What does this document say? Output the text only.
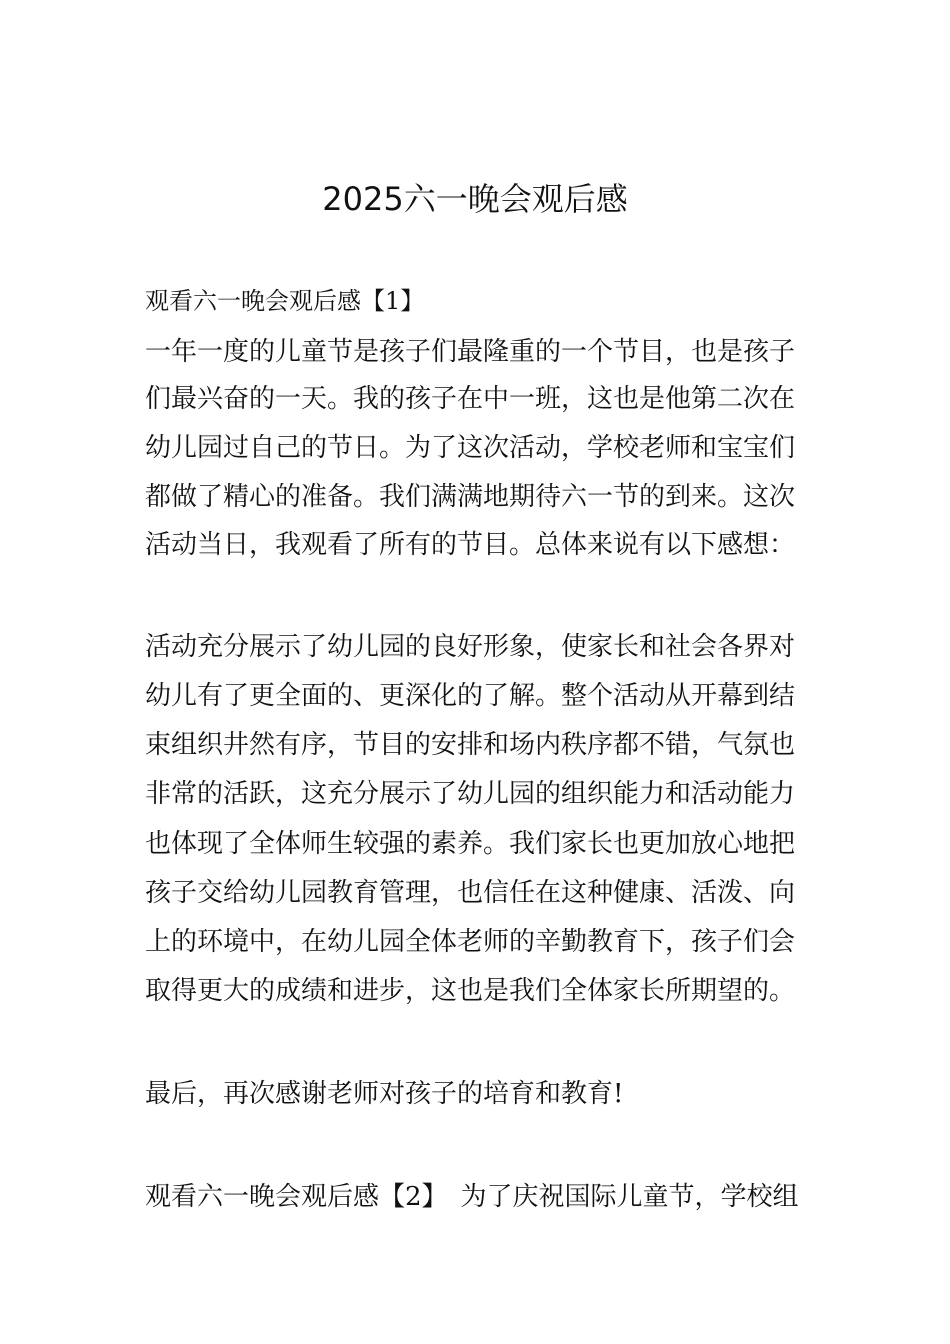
2025六一晚会观后感
观看六一晚会观后感【1】
一年一度的儿童节是孩子们最隆重的一个节目，也是孩子
们最兴奋的一天。我的孩子在中一班，这也是他第二次在
幼儿园过自己的节日。为了这次活动，学校老师和宝宝们
都做了精心的准备。我们满满地期待六一节的到来。这次
活动当日，我观看了所有的节目。总体来说有以下感想：
活动充分展示了幼儿园的良好形象，使家长和社会各界对
幼儿有了更全面的、更深化的了解。整个活动从开幕到结
束组织井然有序，节目的安排和场内秩序都不错，气氛也
非常的活跃，这充分展示了幼儿园的组织能力和活动能力
也体现了全体师生较强的素养。我们家长也更加放心地把
孩子交给幼儿园教育管理，也信任在这种健康、活泼、向
上的环境中，在幼儿园全体老师的辛勤教育下，孩子们会
取得更大的成绩和进步，这也是我们全体家长所期望的。
最后，再次感谢老师对孩子的培育和教育!
观看六一晚会观后感【2】　为了庆祝国际儿童节，学校组
